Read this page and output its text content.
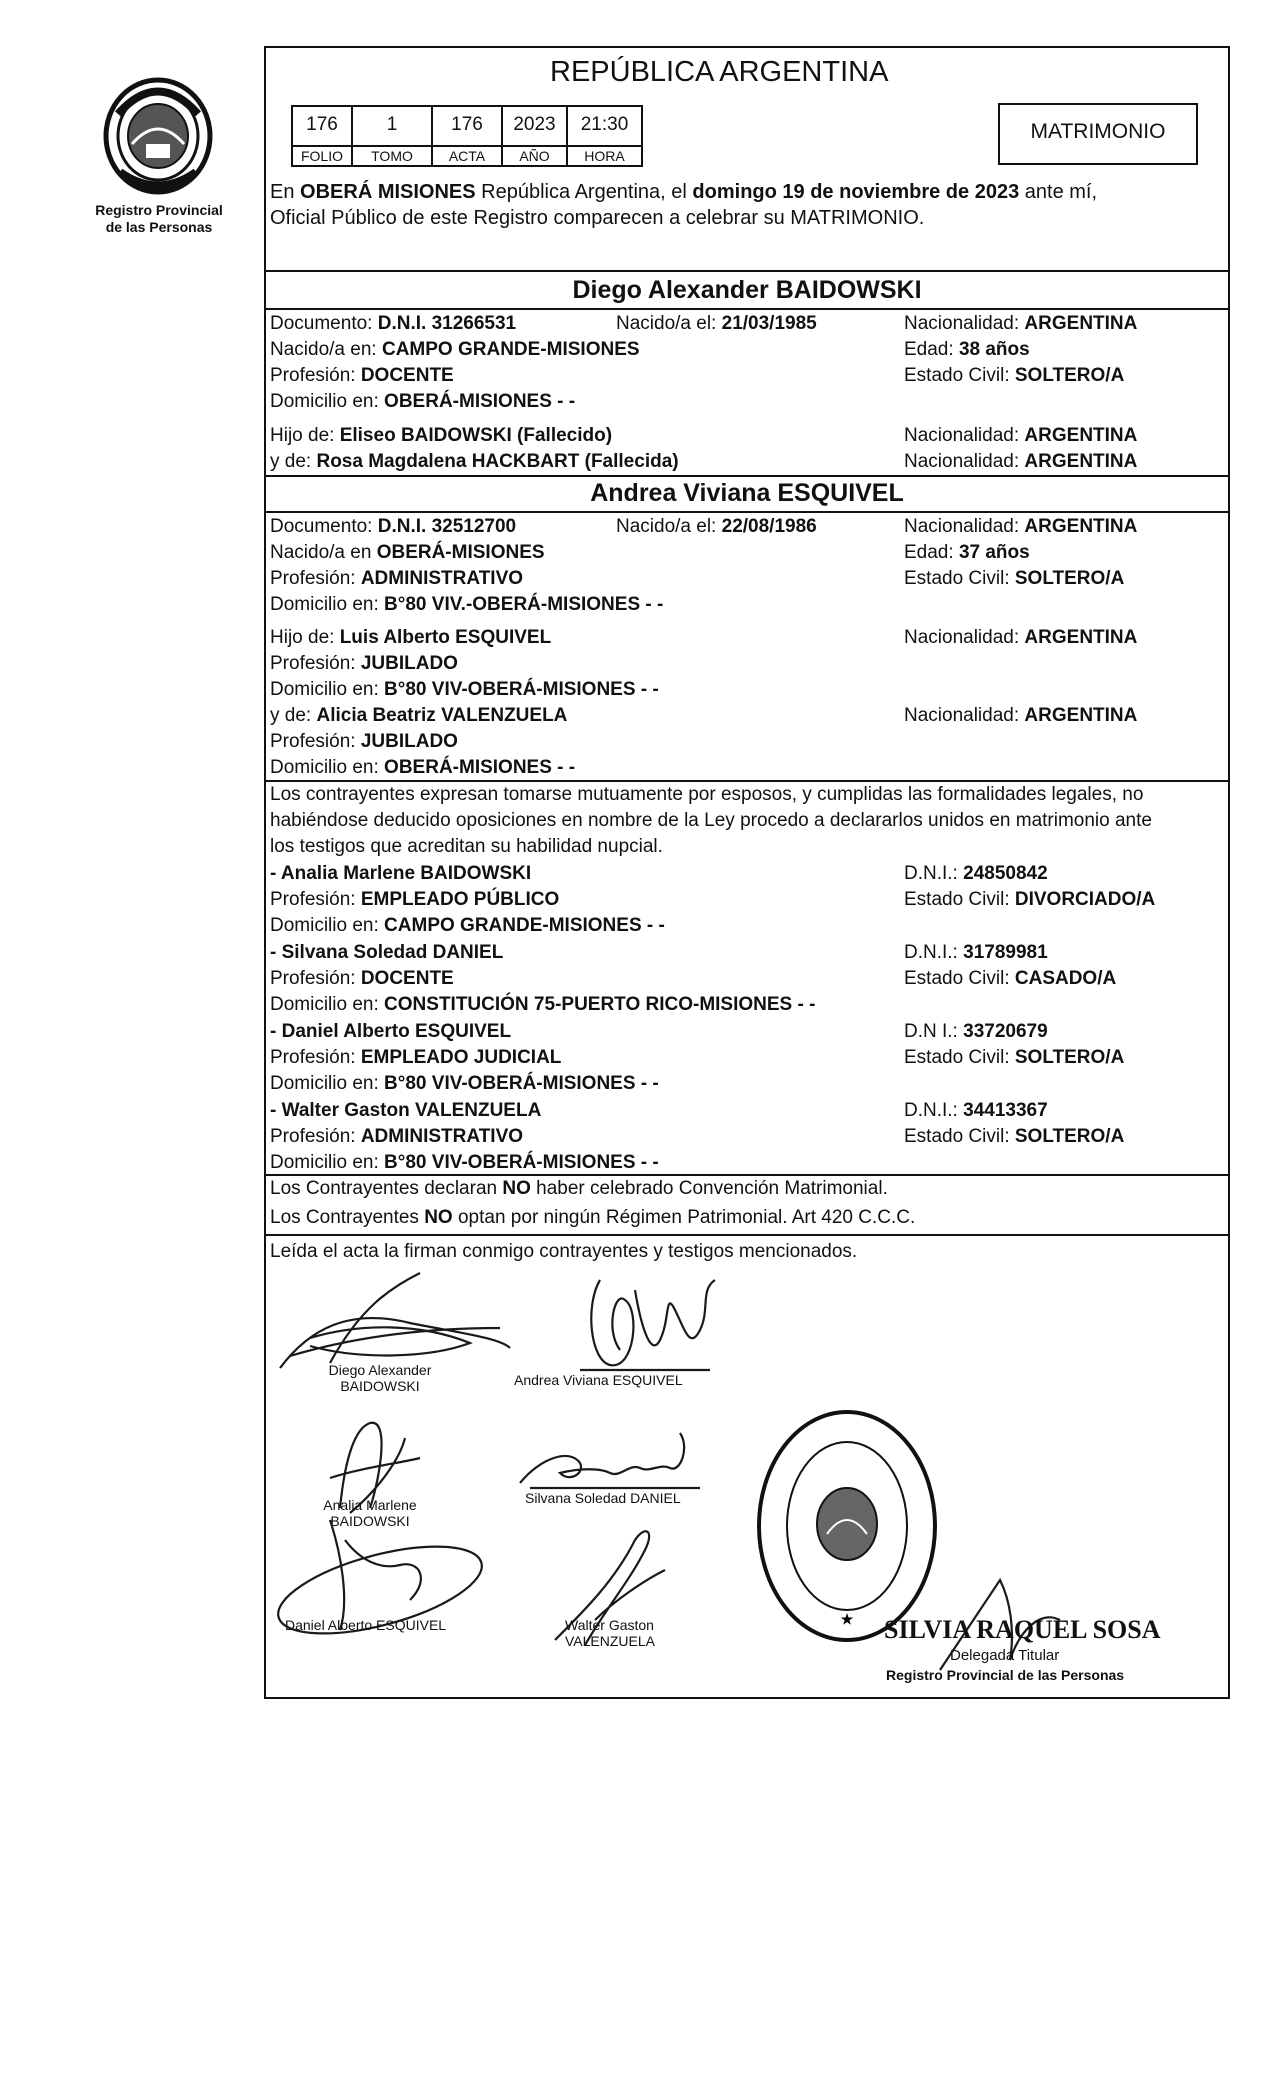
Registro Provincial
de las Personas
REPÚBLICA ARGENTINA
176	1	176	2023	21:30
FOLIO	TOMO	ACTA	AÑO	HORA
MATRIMONIO
En OBERÁ MISIONES República Argentina, el domingo 19 de noviembre de 2023 ante mí,
Oficial Público de este Registro comparecen a celebrar su MATRIMONIO.
Diego Alexander BAIDOWSKI
Documento: D.N.I. 31266531	Nacido/a el: 21/03/1985	Nacionalidad: ARGENTINA
Nacido/a en: CAMPO GRANDE-MISIONES	Edad: 38 años
Profesión: DOCENTE	Estado Civil: SOLTERO/A
Domicilio en: OBERÁ-MISIONES - -
Hijo de: Eliseo BAIDOWSKI (Fallecido)	Nacionalidad: ARGENTINA
y de: Rosa Magdalena HACKBART (Fallecida)	Nacionalidad: ARGENTINA
Andrea Viviana ESQUIVEL
Documento: D.N.I. 32512700	Nacido/a el: 22/08/1986	Nacionalidad: ARGENTINA
Nacido/a en OBERÁ-MISIONES	Edad: 37 años
Profesión: ADMINISTRATIVO	Estado Civil: SOLTERO/A
Domicilio en: B°80 VIV.-OBERÁ-MISIONES - -
Hijo de: Luis Alberto ESQUIVEL	Nacionalidad: ARGENTINA
Profesión: JUBILADO
Domicilio en: B°80 VIV-OBERÁ-MISIONES - -
y de: Alicia Beatriz VALENZUELA	Nacionalidad: ARGENTINA
Profesión: JUBILADO
Domicilio en: OBERÁ-MISIONES - -
Los contrayentes expresan tomarse mutuamente por esposos, y cumplidas las formalidades legales, no
habiéndose deducido oposiciones en nombre de la Ley procedo a declararlos unidos en matrimonio ante
los testigos que acreditan su habilidad nupcial.
- Analia Marlene BAIDOWSKI	D.N.I.: 24850842
Profesión: EMPLEADO PÚBLICO	Estado Civil: DIVORCIADO/A
Domicilio en: CAMPO GRANDE-MISIONES - -
- Silvana Soledad DANIEL	D.N.I.: 31789981
Profesión: DOCENTE	Estado Civil: CASADO/A
Domicilio en: CONSTITUCIÓN 75-PUERTO RICO-MISIONES - -
- Daniel Alberto ESQUIVEL	D.N I.: 33720679
Profesión: EMPLEADO JUDICIAL	Estado Civil: SOLTERO/A
Domicilio en: B°80 VIV-OBERÁ-MISIONES - -
- Walter Gaston VALENZUELA	D.N.I.: 34413367
Profesión: ADMINISTRATIVO	Estado Civil: SOLTERO/A
Domicilio en: B°80 VIV-OBERÁ-MISIONES - -
Los Contrayentes declaran NO haber celebrado Convención Matrimonial.
Los Contrayentes NO optan por ningún Régimen Patrimonial. Art 420 C.C.C.
Leída el acta la firman conmigo contrayentes y testigos mencionados.
Diego Alexander
BAIDOWSKI	Andrea Viviana ESQUIVEL
Analia Marlene
BAIDOWSKI
Silvana Soledad DANIEL
Daniel Alberto ESQUIVEL	Walter Gaston
VALENZUELA
★ SILVIA RAQUEL SOSA
Delegada Titular
Registro Provincial de las Personas
